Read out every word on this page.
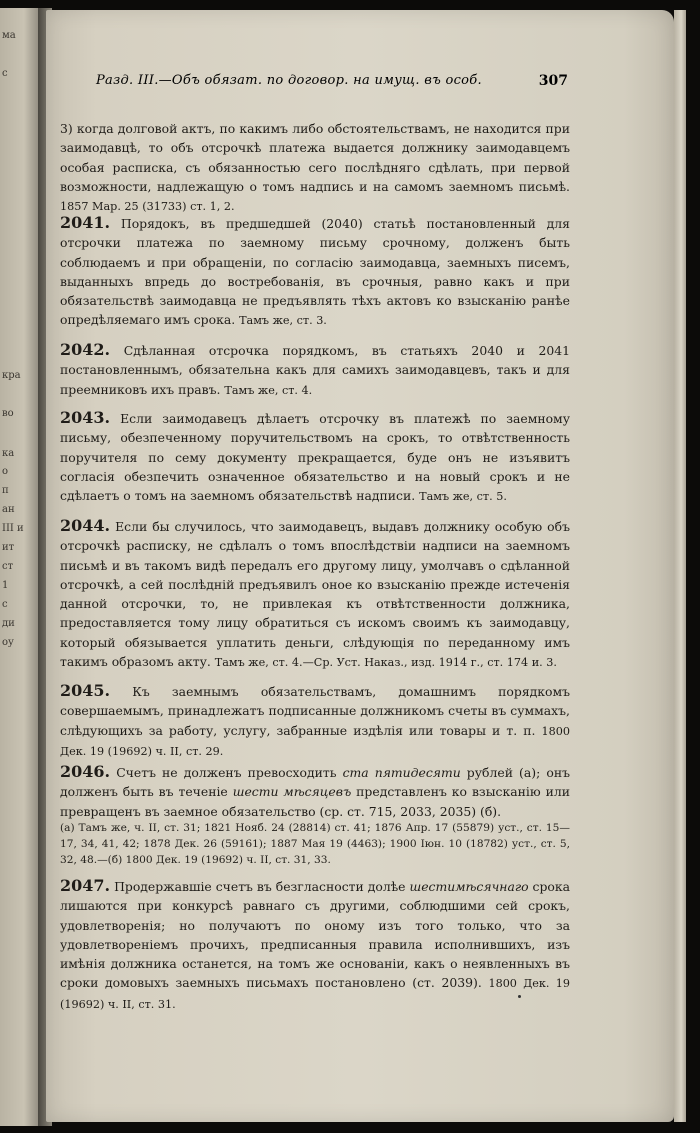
ма
с
кра
во
ка
о
п
ан
III и
ит
ст
1
с
ди
оу
Разд. III.—Объ обязат. по договор. на имущ. въ особ.	307
3) когда долговой актъ, по какимъ либо обстоятельствамъ, не находится при заимодавцѣ, то объ отсрочкѣ платежа выдается должнику заимодавцемъ особая расписка, съ обязанностью сего послѣдняго сдѣлать, при первой возможности, надлежащую о томъ надпись и на самомъ заемномъ письмѣ. 1857 Мар. 25 (31733) ст. 1, 2.
2041. Порядокъ, въ предшедшей (2040) статьѣ постановленный для отсрочки платежа по заемному письму срочному, долженъ быть соблюдаемъ и при обращеніи, по согласію заимодавца, заемныхъ писемъ, выданныхъ впредь до востребованія, въ срочныя, равно какъ и при обязательствѣ заимодавца не предъявлять тѣхъ актовъ ко взысканію ранѣе опредѣляемаго имъ срока. Тамъ же, ст. 3.
2042. Сдѣланная отсрочка порядкомъ, въ статьяхъ 2040 и 2041 постановленнымъ, обязательна какъ для самихъ заимодавцевъ, такъ и для преемниковъ ихъ правъ. Тамъ же, ст. 4.
2043. Если заимодавецъ дѣлаетъ отсрочку въ платежѣ по заемному письму, обезпеченному поручительствомъ на срокъ, то отвѣтственность поручителя по сему документу прекращается, буде онъ не изъявитъ согласія обезпечить означенное обязательство и на новый срокъ и не сдѣлаетъ о томъ на заемномъ обязательствѣ надписи. Тамъ же, ст. 5.
2044. Если бы случилось, что заимодавецъ, выдавъ должнику особую объ отсрочкѣ расписку, не сдѣлалъ о томъ впослѣдствіи надписи на заемномъ письмѣ и въ такомъ видѣ передалъ его другому лицу, умолчавъ о сдѣланной отсрочкѣ, а сей послѣдній предъявилъ оное ко взысканію прежде истеченія данной отсрочки, то, не привлекая къ отвѣтственности должника, предоставляется тому лицу обратиться съ искомъ своимъ къ заимодавцу, который обязывается уплатить деньги, слѣдующія по переданному имъ такимъ образомъ акту. Тамъ же, ст. 4.—Ср. Уст. Наказ., изд. 1914 г., ст. 174 и. 3.
2045. Къ заемнымъ обязательствамъ, домашнимъ порядкомъ совершаемымъ, принадлежатъ подписанные должникомъ счеты въ суммахъ, слѣдующихъ за работу, услугу, забранные издѣлія или товары и т. п. 1800 Дек. 19 (19692) ч. II, ст. 29.
2046. Счетъ не долженъ превосходить ста пятидесяти рублей (а); онъ долженъ быть въ теченіе шести мѣсяцевъ представленъ ко взысканію или превращенъ въ заемное обязательство (ср. ст. 715, 2033, 2035) (б).
(а) Тамъ же, ч. II, ст. 31; 1821 Нояб. 24 (28814) ст. 41; 1876 Апр. 17 (55879) уст., ст. 15—17, 34, 41, 42; 1878 Дек. 26 (59161); 1887 Мая 19 (4463); 1900 Іюн. 10 (18782) уст., ст. 5, 32, 48.—(б) 1800 Дек. 19 (19692) ч. II, ст. 31, 33.
2047. Продержавшіе счетъ въ безгласности долѣе шестимѣсячнаго срока лишаются при конкурсѣ равнаго съ другими, соблюдшими сей срокъ, удовлетворенія; но получаютъ по оному изъ того только, что за удовлетвореніемъ прочихъ, предписанныя правила исполнившихъ, изъ имѣнія должника останется, на томъ же основаніи, какъ о неявленныхъ въ сроки домовыхъ заемныхъ письмахъ постановлено (ст. 2039). 1800 Дек. 19 (19692) ч. II, ст. 31.
